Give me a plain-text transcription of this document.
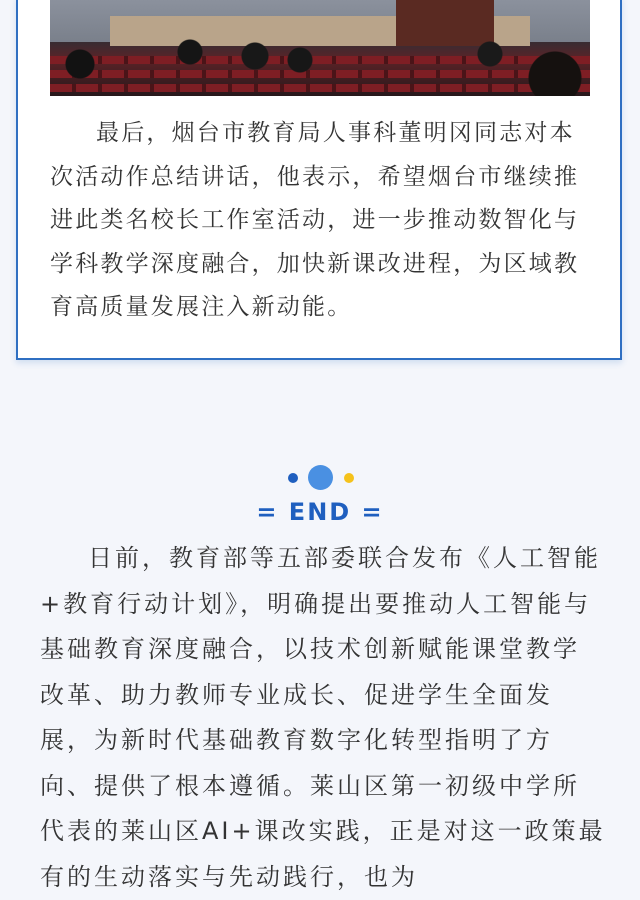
最后，烟台市教育局人事科董明冈同志对本次活动作总结讲话，他表示，希望烟台市继续推进此类名校长工作室活动，进一步推动数智化与学科教学深度融合，加快新课改进程，为区域教育高质量发展注入新动能。

= END =

日前，教育部等五部委联合发布《人工智能+教育行动计划》，明确提出要推动人工智能与基础教育深度融合，以技术创新赋能课堂教学改革、助力教师专业成长、促进学生全面发展，为新时代基础教育数字化转型指明了方向、提供了根本遵循。莱山区第一初级中学所代表的莱山区AI+课改实践，正是对这一政策最有的生动落实与先动践行，也为
